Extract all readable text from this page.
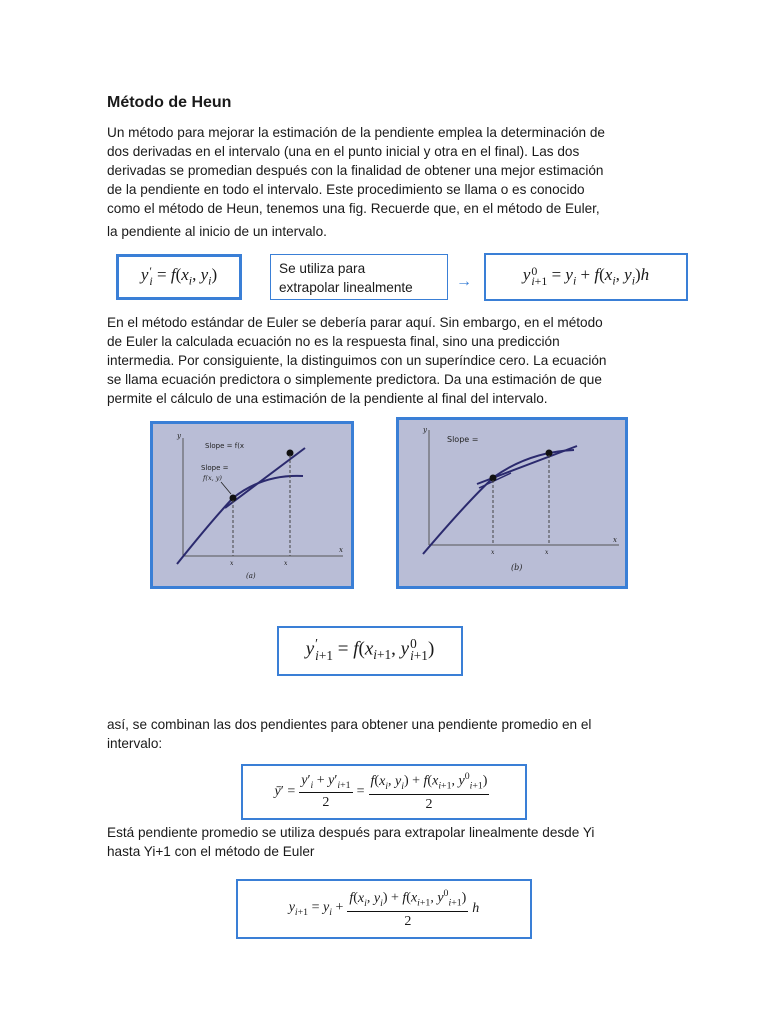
Método de Heun
Un método para mejorar la estimación de la pendiente emplea la determinación de
dos derivadas en el intervalo (una en el punto inicial y otra en el final). Las dos
derivadas se promedian después con la finalidad de obtener una mejor estimación
de la pendiente en todo el intervalo. Este procedimiento se llama o es conocido
como el método de Heun, tenemos una fig. Recuerde que, en el método de Euler,
la pendiente al inicio de un intervalo.
y ′
$i = f(x_i$, $y_i$)	Se utiliza para
extrapolar linealmente	→	y 0
$i+1 = y_i + f(x_i$, $y_i)h$
En el método estándar de Euler se debería parar aquí. Sin embargo, en el método
de Euler la calculada ecuación no es la respuesta final, sino una predicción
intermedia. Por consiguiente, la distinguimos con un superíndice cero. La ecuación
se llama ecuación predictora o simplemente predictora. Da una estimación de que
permite el cálculo de una estimación de la pendiente al final del intervalo.
y
x
Slope = f(x
Slope =
f(x, y)
x	x
(a)
y
x
Slope =
x	x
(b)
y ′
$i+1 = f(x_{i+1}$, y 0
i+1 )
así, se combinan las dos pendientes para obtener una pendiente promedio en el
intervalo:
ȳ′ = $\frac{y'_i + y'_{i+1}}{2} = \frac{f(x_i, y_i) + f(x_{i+1}, y^0_{i+1})}{2}$
Está pendiente promedio se utiliza después para extrapolar linealmente desde Yi
hasta Yi+1 con el método de Euler
$y_{i+1} = y_i + \frac{f(x_i, y_i) + f(x_{i+1}, y^0_{i+1})}{2}$ h
